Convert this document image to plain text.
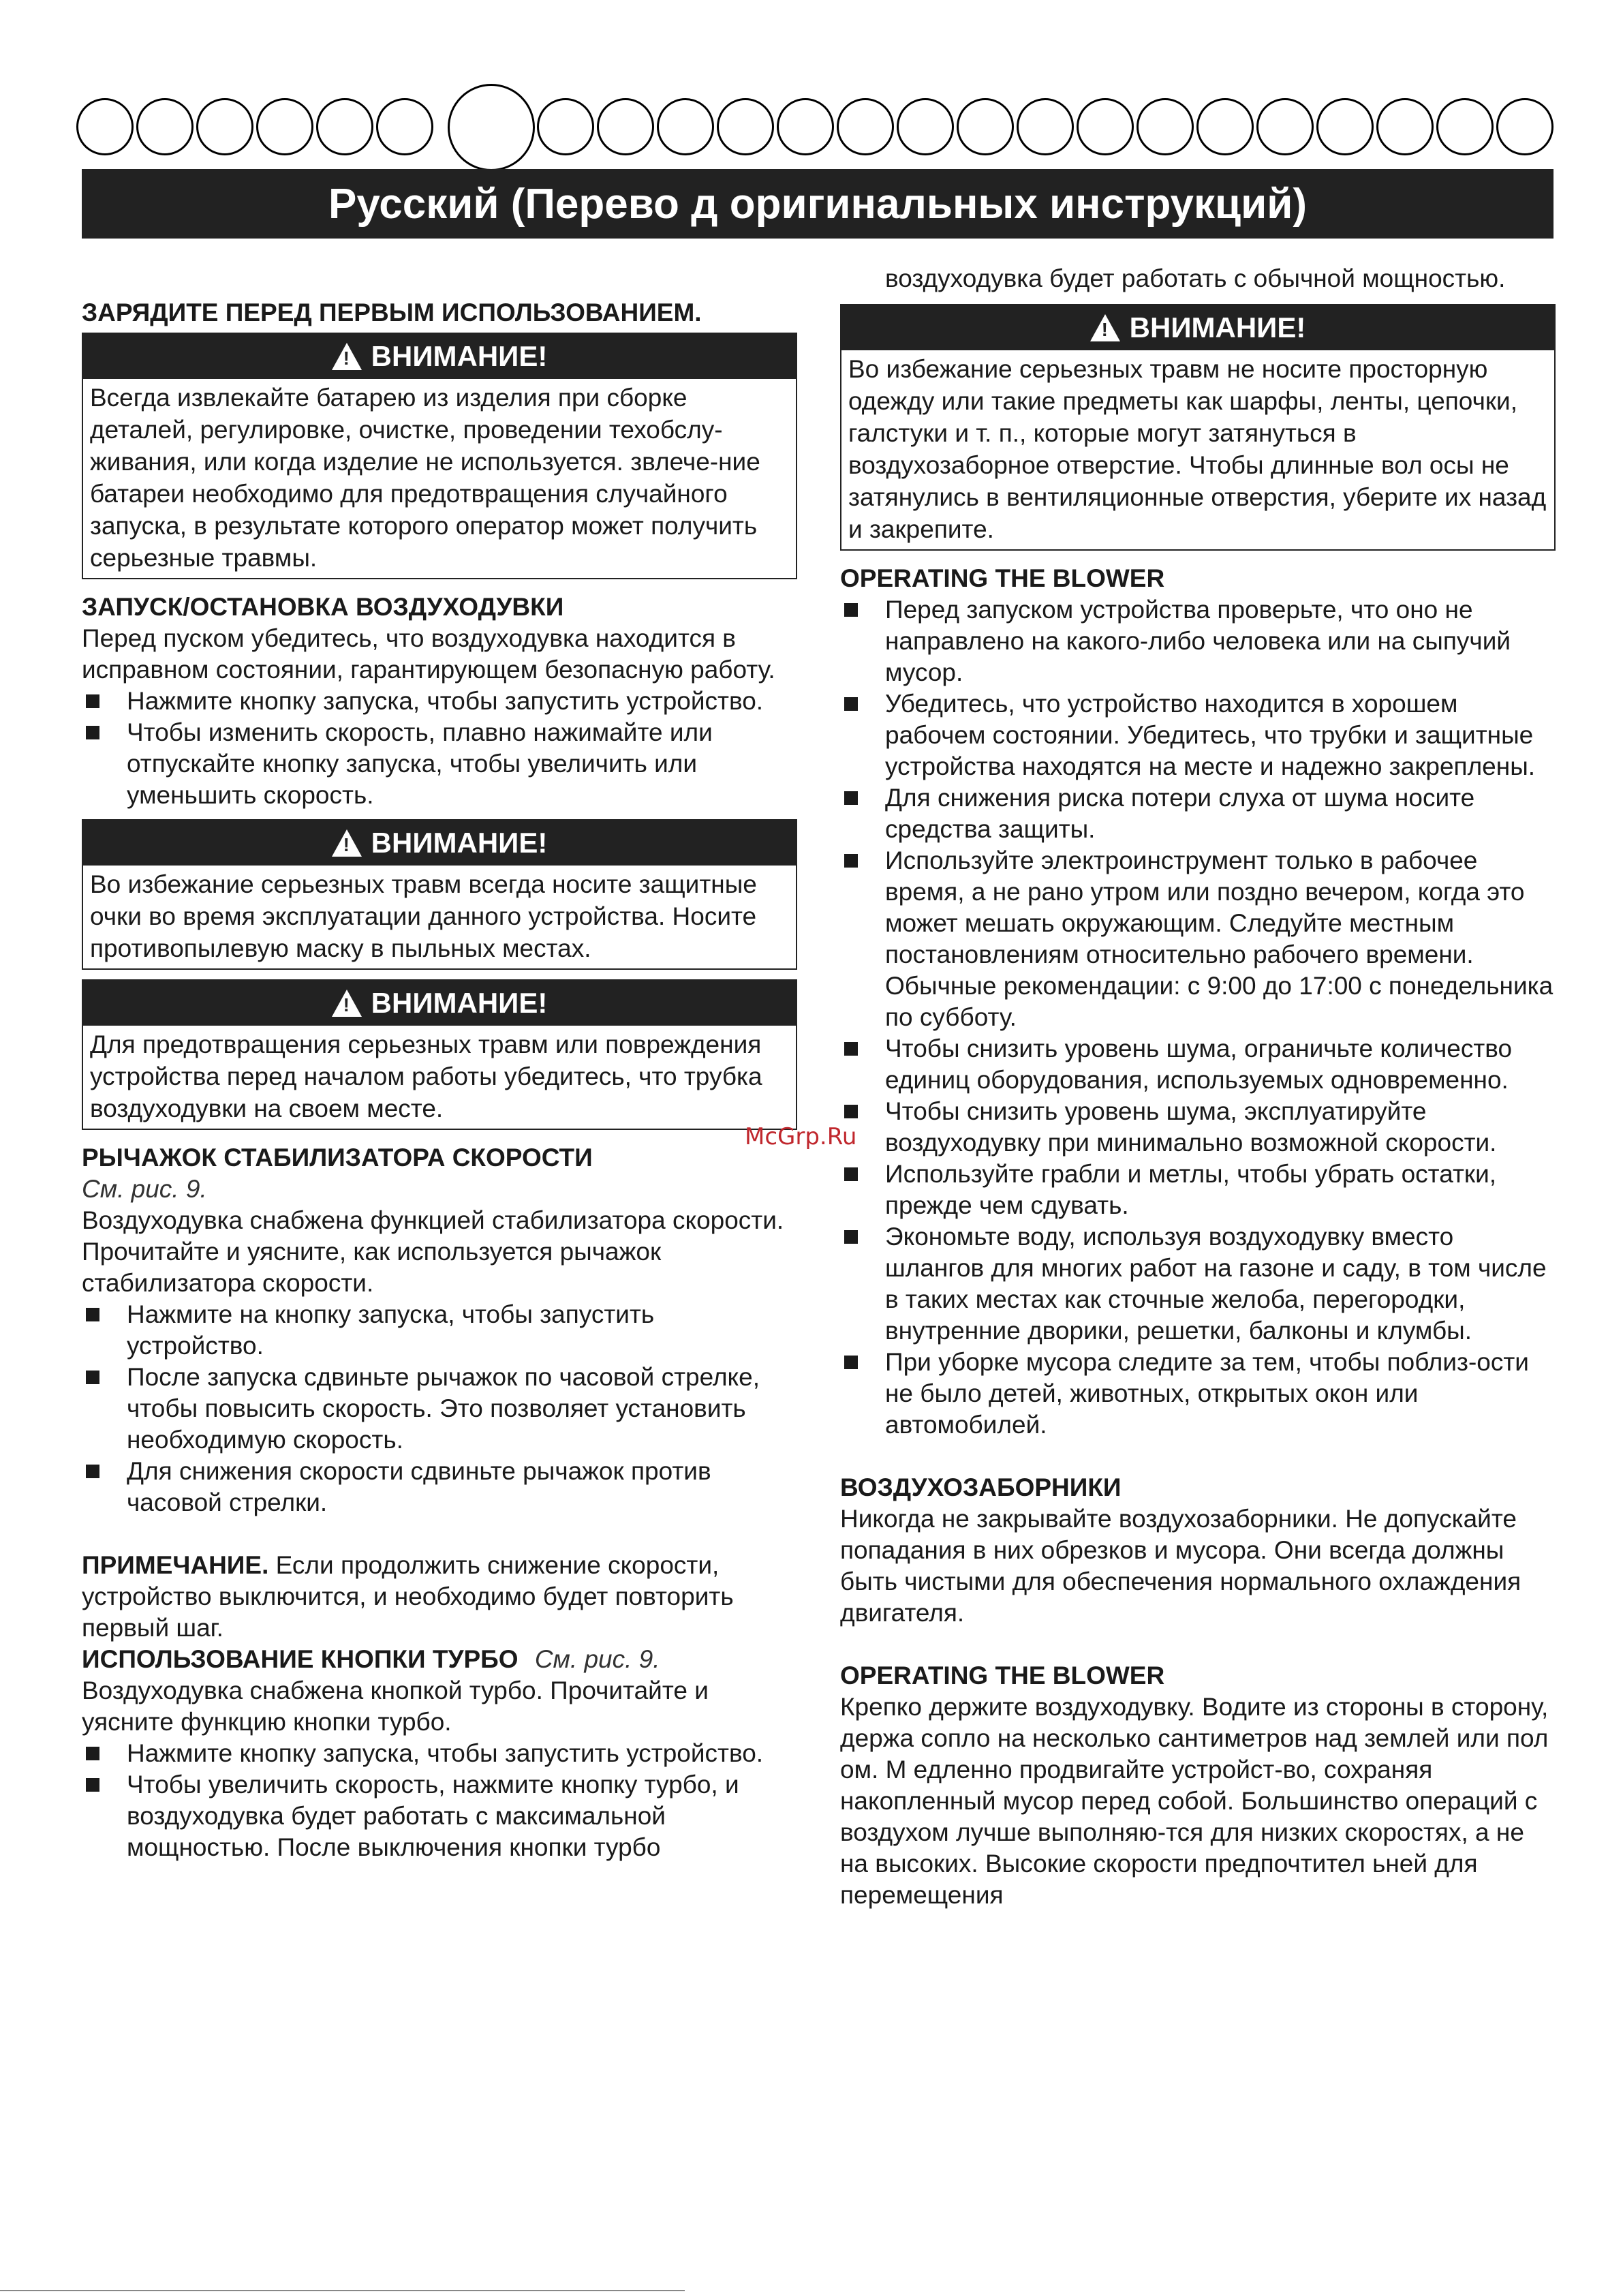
Русский (Перево д оригинальных инструкций)
ЗАРЯДИТЕ ПЕРЕД ПЕРВЫМ ИСПОЛЬЗОВАНИЕМ.
! ВНИМАНИЕ!
Всегда извлекайте батарею из изделия при сборке деталей, регулировке, очистке, проведении техобслу-живания, или когда изделие не используется. звлече-ние батареи необходимо для предотвращения случайного запуска, в результате которого оператор может получить серьезные травмы.
ЗАПУСК/ОСТАНОВКА ВОЗДУХОДУВКИ
Перед пуском убедитесь, что воздуходувка находится в исправном состоянии, гарантирующем безопасную работу.
Нажмите кнопку запуска, чтобы запустить устройство.
Чтобы изменить скорость, плавно нажимайте или отпускайте кнопку запуска, чтобы увеличить или уменьшить скорость.
! ВНИМАНИЕ!
Во избежание серьезных травм всегда носите защитные очки во время эксплуатации данного устройства. Носите противопылевую маску в пыльных местах.
! ВНИМАНИЕ!
Для предотвращения серьезных травм или повреждения устройства перед началом работы убедитесь, что трубка воздуходувки на своем месте.
РЫЧАЖОК СТАБИЛИЗАТОРА СКОРОСТИ
См. рис. 9.
Воздуходувка снабжена функцией стабилизатора скорости. Прочитайте и уясните, как используется рычажок стабилизатора скорости.
Нажмите на кнопку запуска, чтобы запустить устройство.
После запуска сдвиньте рычажок по часовой стрелке, чтобы повысить скорость. Это позволяет установить необходимую скорость.
Для снижения скорости сдвиньте рычажок против часовой стрелки.
ПРИМЕЧАНИЕ. Если продолжить снижение скорости, устройство выключится, и необходимо будет повторить первый шаг.
ИСПОЛЬЗОВАНИЕ КНОПКИ ТУРБО См. рис. 9.
Воздуходувка снабжена кнопкой турбо. Прочитайте и уясните функцию кнопки турбо.
Нажмите кнопку запуска, чтобы запустить устройство.
Чтобы увеличить скорость, нажмите кнопку турбо, и воздуходувка будет работать с максимальной мощностью. После выключения кнопки турбо
воздуходувка будет работать с обычной мощностью.
! ВНИМАНИЕ!
Во избежание серьезных травм не носите просторную одежду или такие предметы как шарфы, ленты, цепочки, галстуки и т. п., которые могут затянуться в воздухозаборное отверстие. Чтобы длинные вол осы не затянулись в вентиляционные отверстия, уберите их назад и закрепите.
OPERATING THE BLOWER
Перед запуском устройства проверьте, что оно не направлено на какого-либо человека или на сыпучий мусор.
Убедитесь, что устройство находится в хорошем рабочем состоянии. Убедитесь, что трубки и защитные устройства находятся на месте и надежно закреплены.
Для снижения риска потери слуха от шума носите средства защиты.
Используйте электроинструмент только в рабочее время, а не рано утром или поздно вечером, когда это может мешать окружающим. Следуйте местным постановлениям относительно рабочего времени. Обычные рекомендации: с 9:00 до 17:00 с понедельника по субботу.
Чтобы снизить уровень шума, ограничьте количество единиц оборудования, используемых одновременно.
Чтобы снизить уровень шума, эксплуатируйте воздуходувку при минимально возможной скорости.
Используйте грабли и метлы, чтобы убрать остатки, прежде чем сдувать.
Экономьте воду, используя воздуходувку вместо шлангов для многих работ на газоне и саду, в том числе в таких местах как сточные желоба, перегородки, внутренние дворики, решетки, балконы и клумбы.
При уборке мусора следите за тем, чтобы поблиз-ости не было детей, животных, открытых окон или автомобилей.
ВОЗДУХОЗАБОРНИКИ
Никогда не закрывайте воздухозаборники. Не допускайте попадания в них обрезков и мусора. Они всегда должны быть чистыми для обеспечения нормального охлаждения двигателя.
OPERATING THE BLOWER
Крепко держите воздуходувку. Водите из стороны в сторону, держа сопло на несколько сантиметров над землей или пол ом. М едленно продвигайте устройст-во, сохраняя накопленный мусор перед собой. Большинство операций с воздухом лучше выполняю-тся для низких скоростях, а не на высоких. Высокие скорости предпочтител ьней для перемещения
McGrp.Ru
